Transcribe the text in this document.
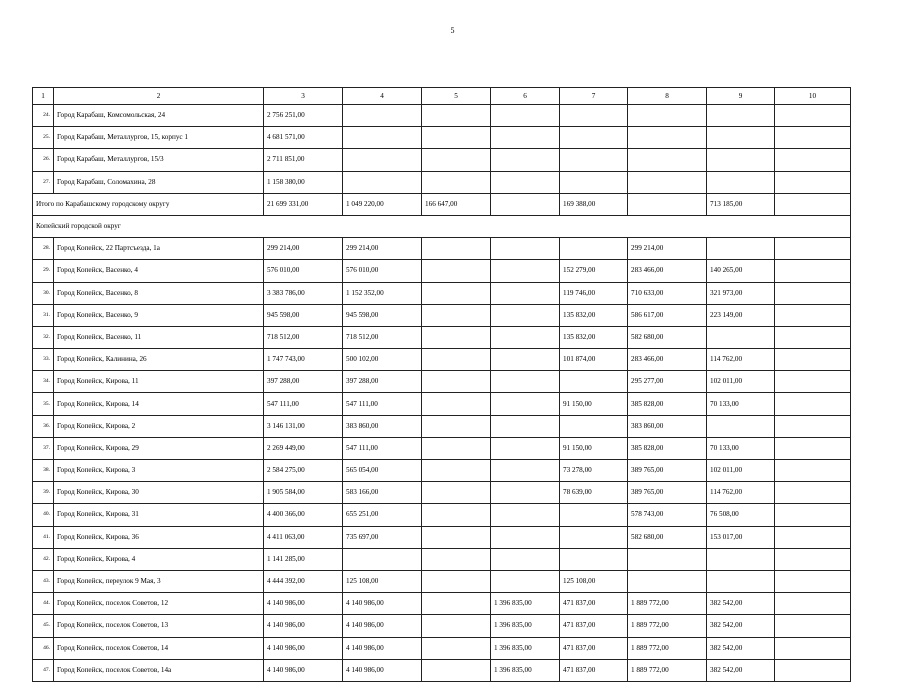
5
1	2	3	4	5	6	7	8	9	10
24.	Город Карабаш, Комсомольская, 24	2 756 251,00							
25.	Город Карабаш, Металлургов, 15, корпус 1	4 681 571,00							
26.	Город Карабаш, Металлургов, 15/3	2 711 851,00							
27.	Город Карабаш, Соломахина, 28	1 158 380,00							
Итого по Карабашскому городскому округу		21 699 331,00	1 049 220,00	166 647,00		169 388,00		713 185,00	
Копейский городской округ									
28.	Город Копейск, 22 Партсъезда, 1а	299 214,00	299 214,00				299 214,00		
29.	Город Копейск, Васенко, 4	576 010,00	576 010,00			152 279,00	283 466,00	140 265,00	
30.	Город Копейск, Васенко, 8	3 383 786,00	1 152 352,00			119 746,00	710 633,00	321 973,00	
31.	Город Копейск, Васенко, 9	945 598,00	945 598,00			135 832,00	586 617,00	223 149,00	
32.	Город Копейск, Васенко, 11	718 512,00	718 512,00			135 832,00	582 680,00		
33.	Город Копейск, Калинина, 26	1 747 743,00	500 102,00			101 874,00	283 466,00	114 762,00	
34.	Город Копейск, Кирова, 11	397 288,00	397 288,00				295 277,00	102 011,00	
35.	Город Копейск, Кирова, 14	547 111,00	547 111,00			91 150,00	385 828,00	70 133,00	
36.	Город Копейск, Кирова, 2	3 146 131,00	383 860,00				383 860,00		
37.	Город Копейск, Кирова, 29	2 269 449,00	547 111,00			91 150,00	385 828,00	70 133,00	
38.	Город Копейск, Кирова, 3	2 584 275,00	565 054,00			73 278,00	389 765,00	102 011,00	
39.	Город Копейск, Кирова, 30	1 905 584,00	583 166,00			78 639,00	389 765,00	114 762,00	
40.	Город Копейск, Кирова, 31	4 400 366,00	655 251,00				578 743,00	76 508,00	
41.	Город Копейск, Кирова, 36	4 411 063,00	735 697,00				582 680,00	153 017,00	
42.	Город Копейск, Кирова, 4	1 141 285,00							
43.	Город Копейск, переулок 9 Мая, 3	4 444 392,00	125 108,00			125 108,00			
44.	Город Копейск, поселок Советов, 12	4 140 986,00	4 140 986,00		1 396 835,00	471 837,00	1 889 772,00	382 542,00	
45.	Город Копейск, поселок Советов, 13	4 140 986,00	4 140 986,00		1 396 835,00	471 837,00	1 889 772,00	382 542,00	
46.	Город Копейск, поселок Советов, 14	4 140 986,00	4 140 986,00		1 396 835,00	471 837,00	1 889 772,00	382 542,00	
47.	Город Копейск, поселок Советов, 14а	4 140 986,00	4 140 986,00		1 396 835,00	471 837,00	1 889 772,00	382 542,00	
